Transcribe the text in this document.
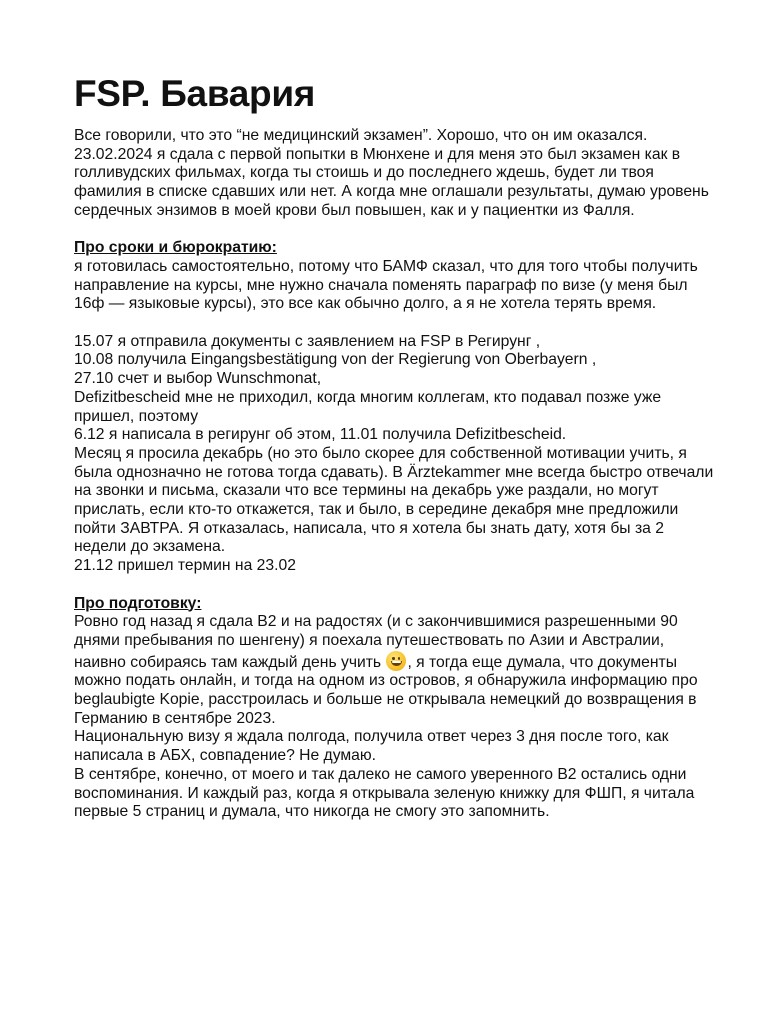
FSP. Бавария

Все говорили, что это “не медицинский экзамен”. Хорошо, что он им оказался.

23.02.2024 я сдала с первой попытки в Мюнхене и для меня это был экзамен как в голливудских фильмах, когда ты стоишь и до последнего ждешь, будет ли твоя фамилия в списке сдавших или нет. А когда мне оглашали результаты, думаю уровень сердечных энзимов в моей крови был повышен, как и у пациентки из Фалля.

Про сроки и бюрократию:

я готовилась самостоятельно, потому что БАМФ сказал, что для того чтобы получить направление на курсы, мне нужно сначала поменять параграф по визе (у меня был 16ф — языковые курсы), это все как обычно долго, а я не хотела терять время.

15.07 я отправила документы с заявлением на FSP в Регирунг ,

10.08 получила Eingangsbestätigung von der Regierung von Oberbayern ,

27.10 счет и выбор Wunschmonat,

Defizitbescheid мне не приходил, когда многим коллегам, кто подавал позже уже пришел, поэтому

6.12 я написала в регирунг об этом, 11.01 получила Defizitbescheid.

Месяц я просила декабрь (но это было скорее для собственной мотивации учить, я была однозначно не готова тогда сдавать). В Ärztekammer мне всегда быстро отвечали на звонки и письма, сказали что все термины на декабрь уже раздали, но могут прислать, если кто-то откажется, так и было, в середине декабря мне предложили пойти ЗАВТРА. Я отказалась, написала, что я хотела бы знать дату, хотя бы за 2 недели до экзамена.

21.12 пришел термин на 23.02

Про подготовку:

Ровно год назад я сдала B2 и на радостях (и с закончившимися разрешенными 90 днями пребывания по шенгену) я поехала путешествовать по Азии и Австралии, наивно собираясь там каждый день учить , я тогда еще думала, что документы можно подать онлайн, и тогда на одном из островов, я обнаружила информацию про beglaubigte Kopie, расстроилась и больше не открывала немецкий до возвращения в Германию в сентябре 2023.

Национальную визу я ждала полгода, получила ответ через 3 дня после того, как написала в АБХ, совпадение? Не думаю.

В сентябре, конечно, от моего и так далеко не самого уверенного B2 остались одни воспоминания. И каждый раз, когда я открывала зеленую книжку для ФШП, я читала первые 5 страниц и думала, что никогда не смогу это запомнить.
